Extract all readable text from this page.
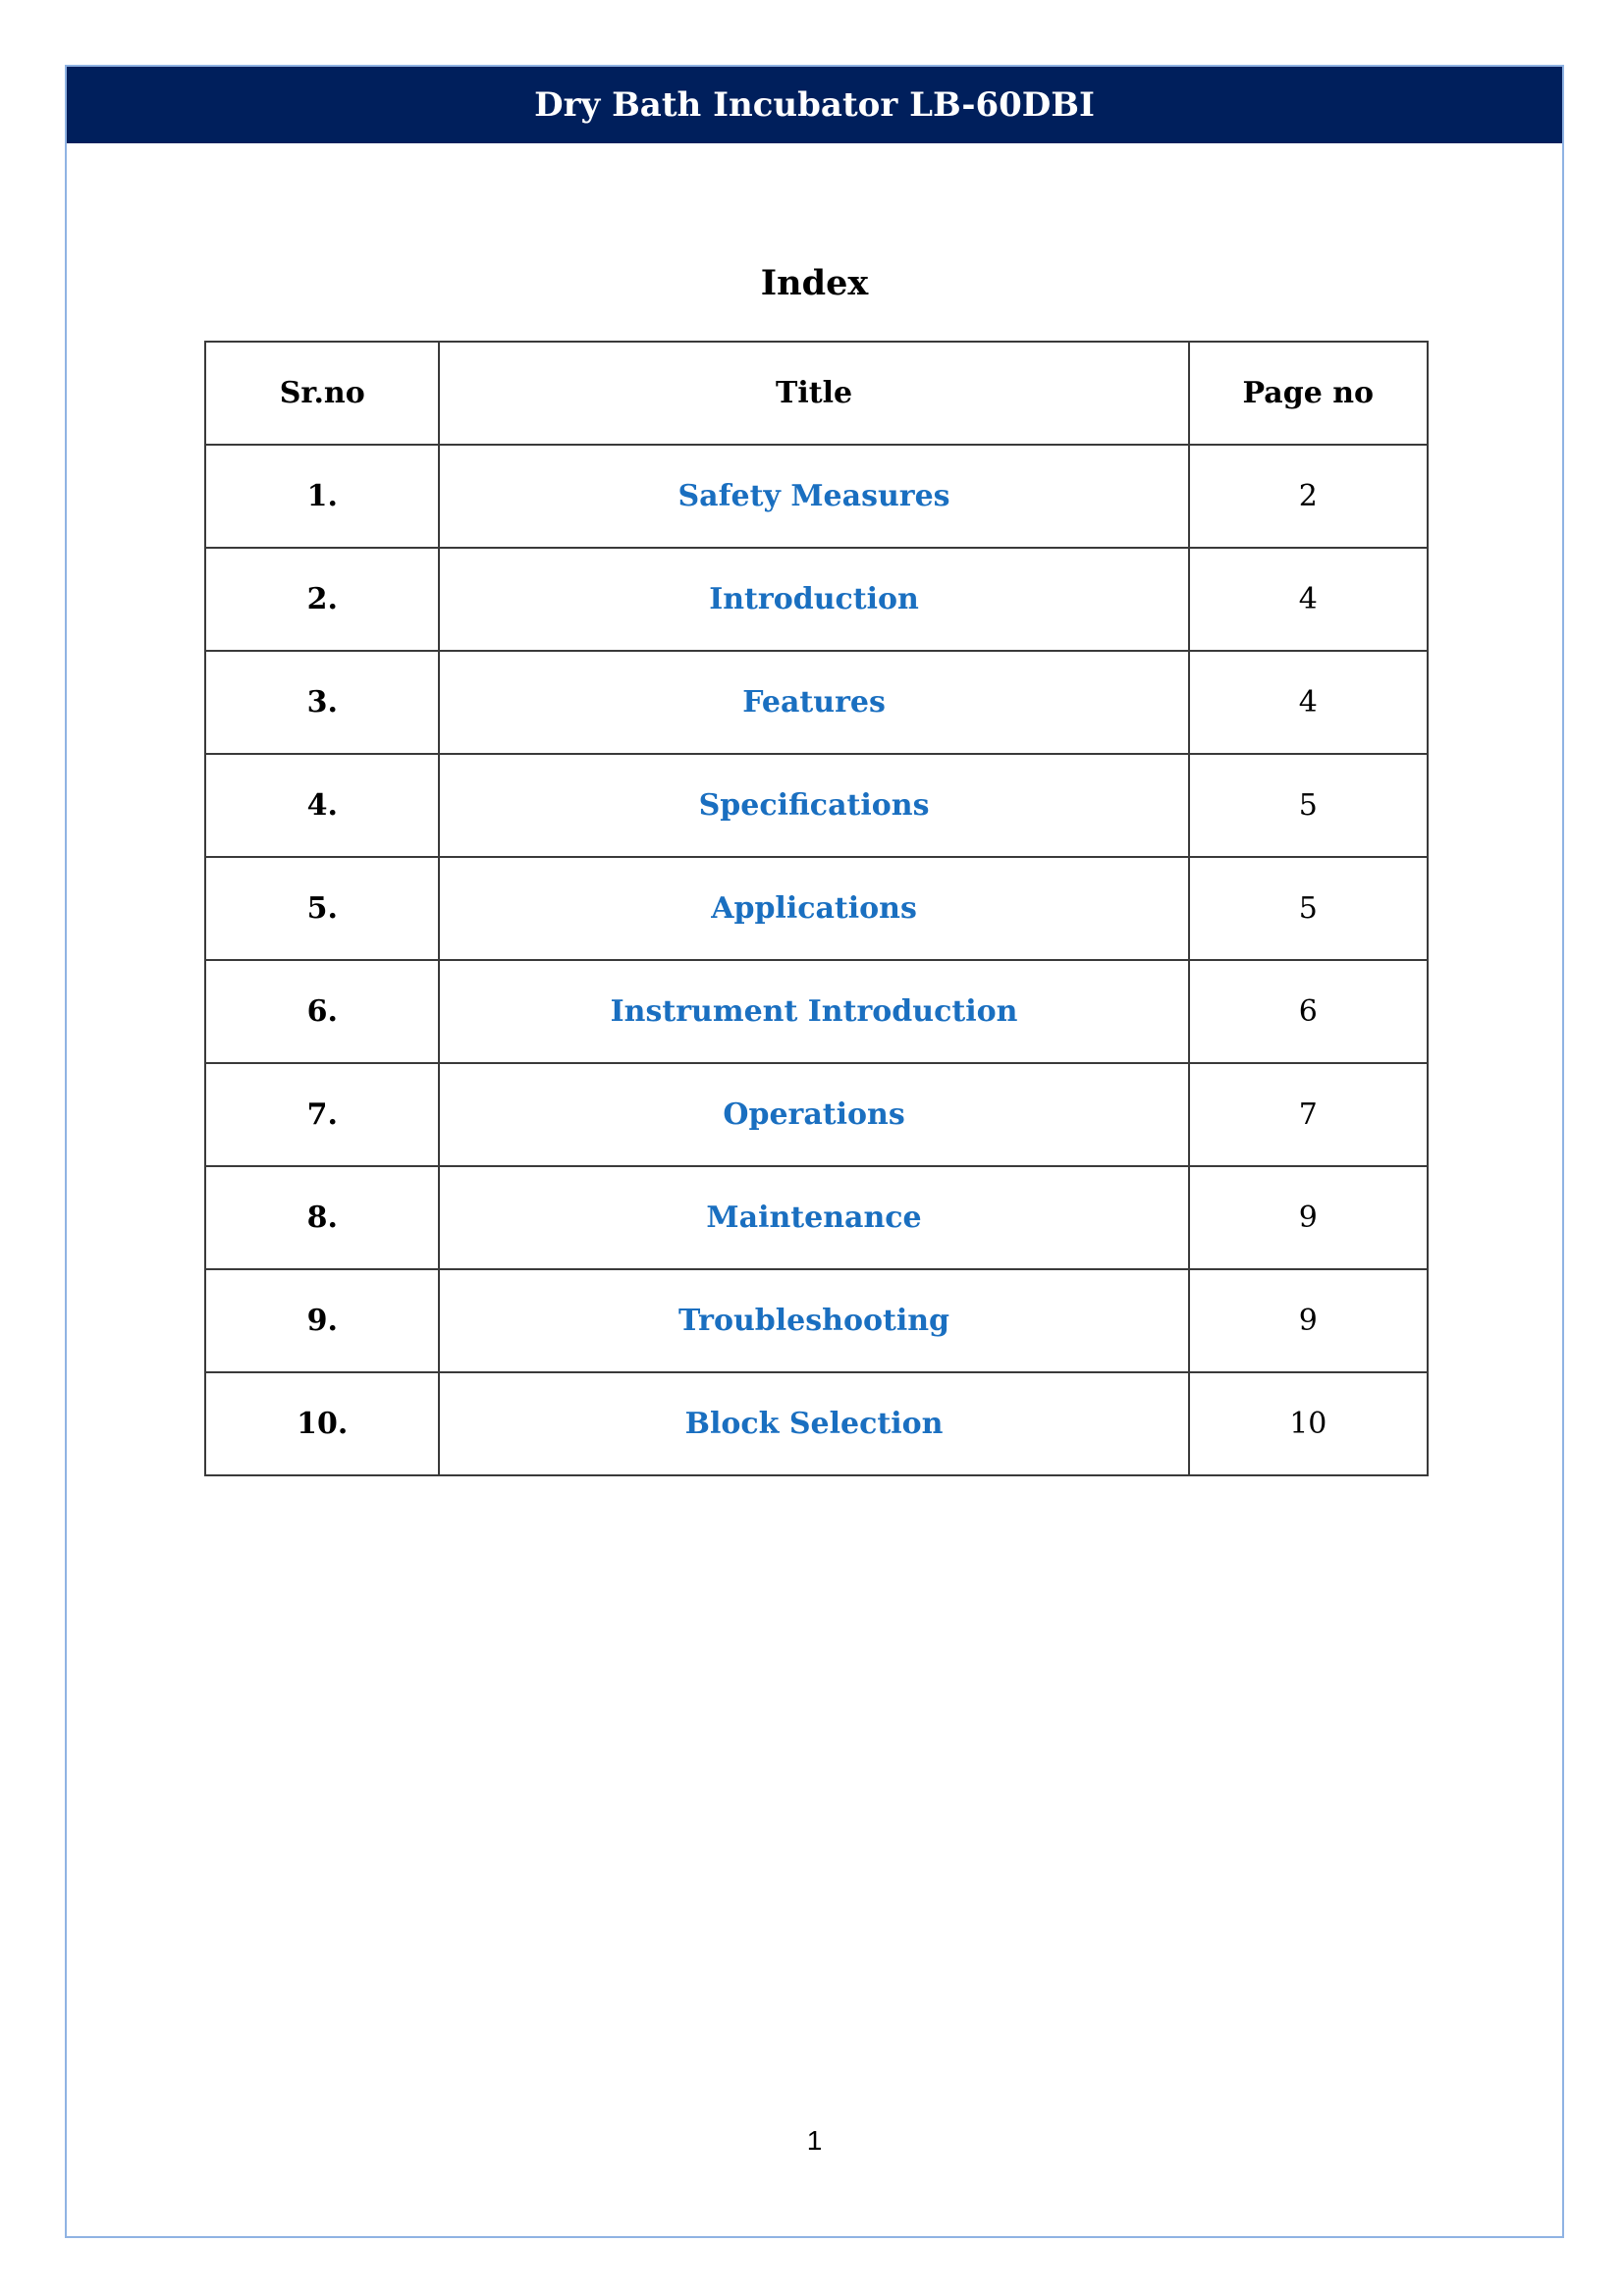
Dry Bath Incubator LB-60DBI
Index
Sr.no	Title	Page no
1.	Safety Measures	2
2.	Introduction	4
3.	Features	4
4.	Specifications	5
5.	Applications	5
6.	Instrument Introduction	6
7.	Operations	7
8.	Maintenance	9
9.	Troubleshooting	9
10.	Block Selection	10
1
